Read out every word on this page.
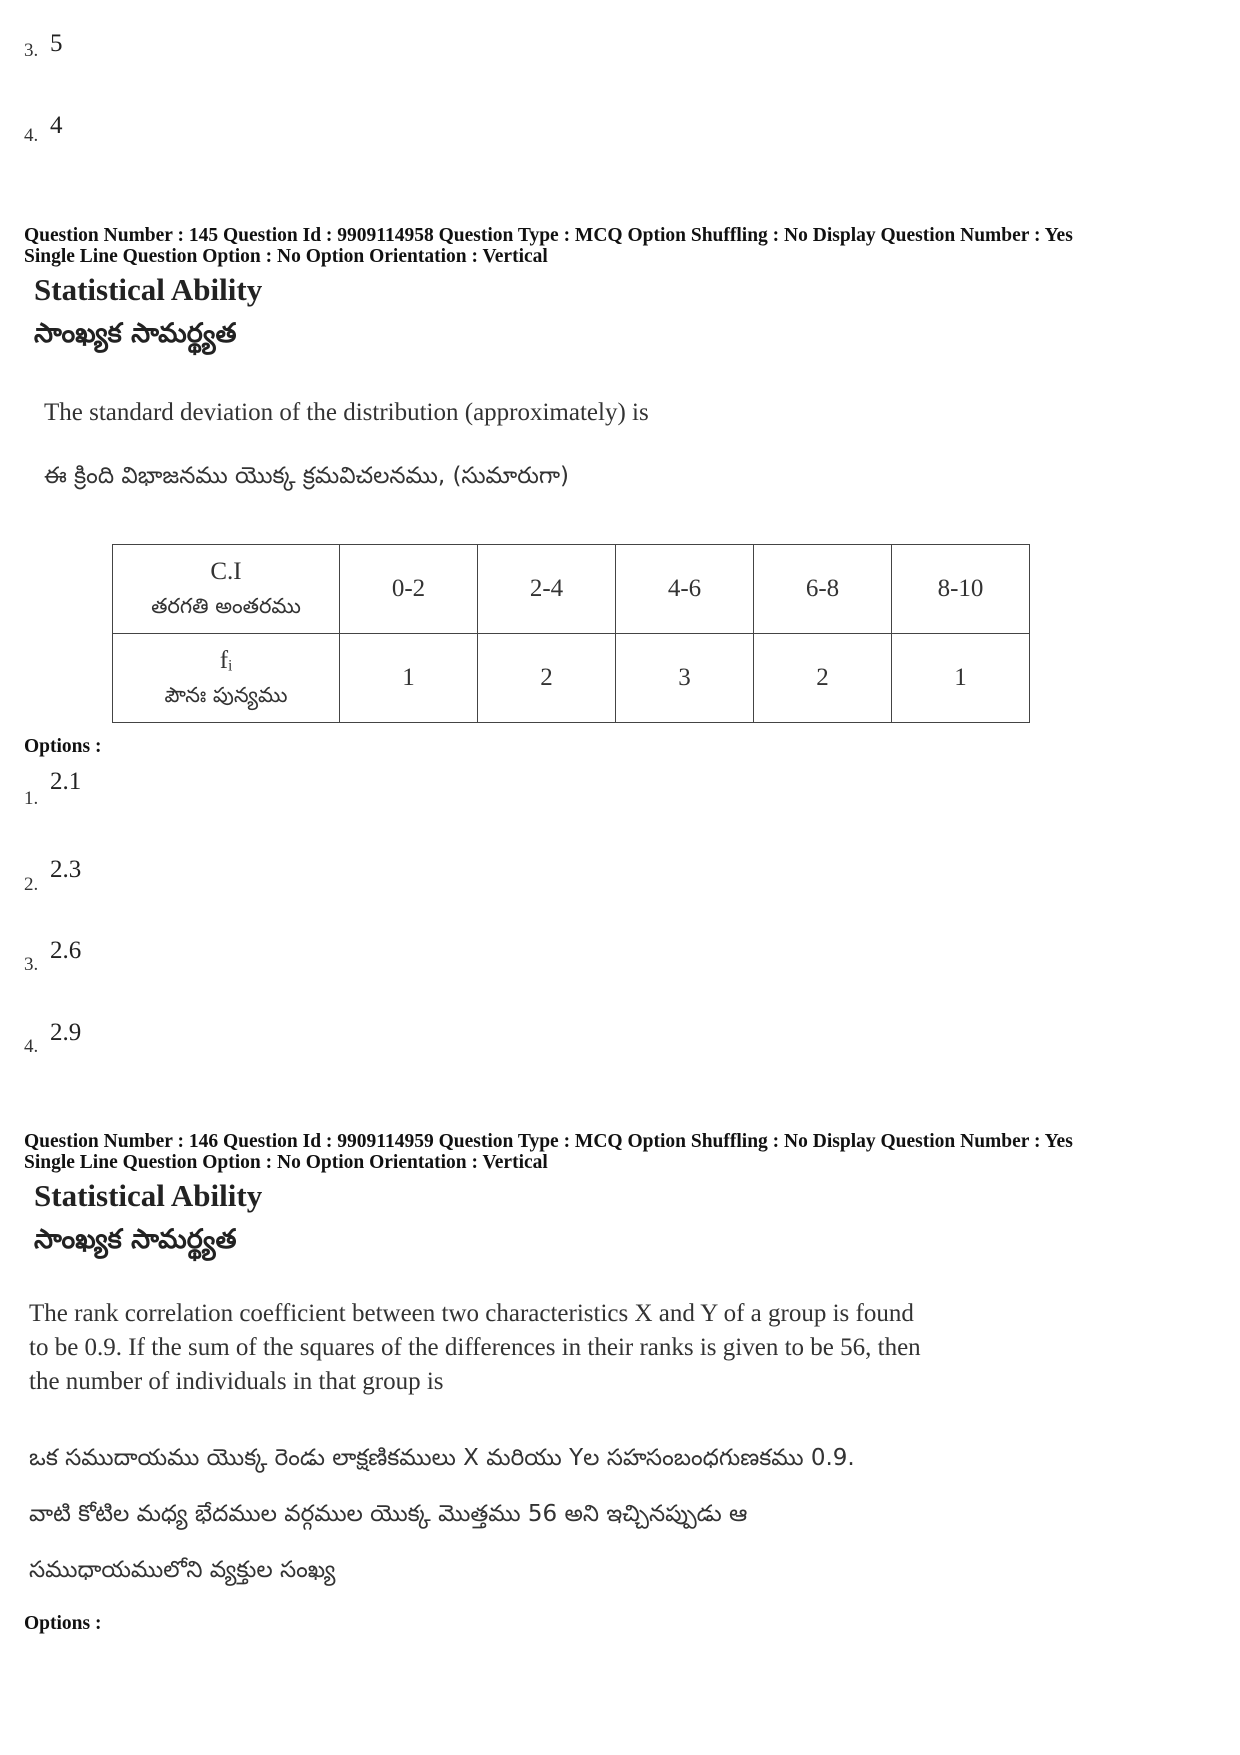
3. 5
4. 4
Question Number : 145 Question Id : 9909114958 Question Type : MCQ Option Shuffling : No Display Question Number : Yes
Single Line Question Option : No Option Orientation : Vertical
Statistical Ability
సాంఖ్యక సామర్థ్యత
The standard deviation of the distribution (approximately) is
ఈ క్రింది విభాజనము యొక్క క్రమవిచలనము, (సుమారుగా)
C.I
తరగతి అంతరము	0-2	2-4	4-6	6-8	8-10

fᵢ
పౌనః పున్యము	1	2	3	2	1
Options :
1.
2.1
2.
2.3
3.
2.6
4.
2.9
Question Number : 146 Question Id : 9909114959 Question Type : MCQ Option Shuffling : No Display Question Number : Yes
Single Line Question Option : No Option Orientation : Vertical
Statistical Ability
సాంఖ్యక సామర్థ్యత
The rank correlation coefficient between two characteristics X and Y of a group is found
to be 0.9. If the sum of the squares of the differences in their ranks is given to be 56, then
the number of individuals in that group is
ఒక సముదాయము యొక్క రెండు లాక్షణికములు X మరియు Yల సహసంబంధగుణకము 0.9.
వాటి కోటిల మధ్య భేదముల వర్గముల యొక్క మొత్తము 56 అని ఇచ్చినప్పుడు ఆ
సముధాయములోని వ్యక్తుల సంఖ్య
Options :
